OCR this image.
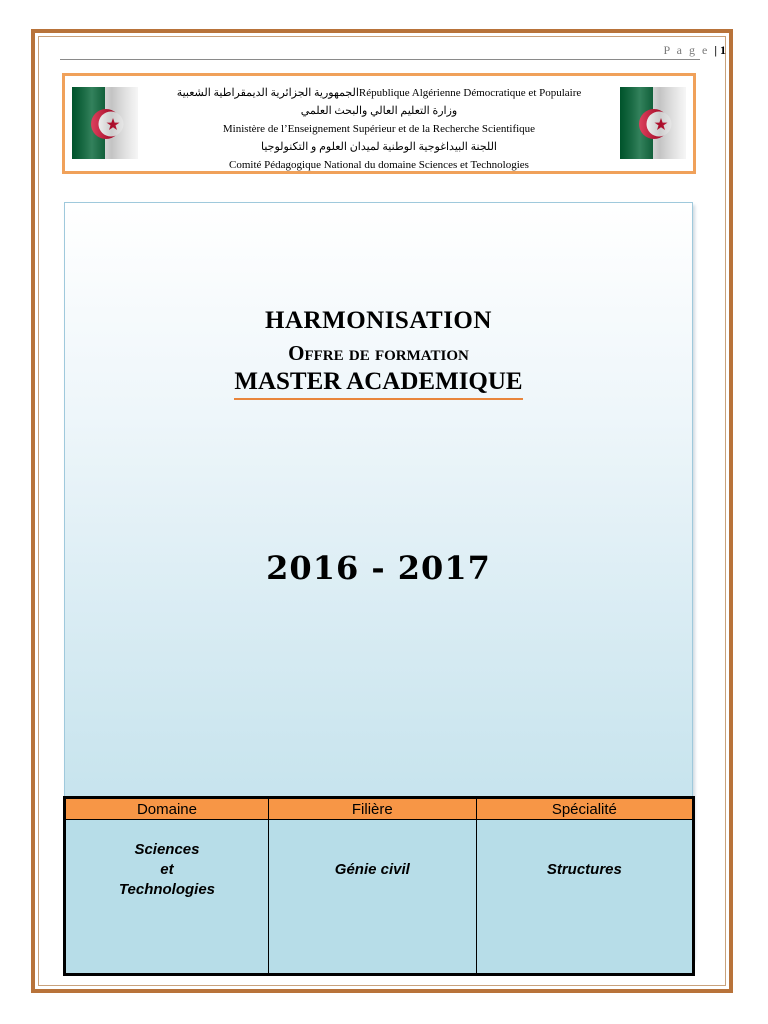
P a g e | 1
الجمهورية الجزائرية الديمقراطية الشعبيةRépublique Algérienne Démocratique et Populaire
وزارة التعليم العالي والبحث العلمي
Ministère de l’Enseignement Supérieur et de la Recherche Scientifique
اللجنة البيداغوجية الوطنية لميدان العلوم و التكنولوجيا
Comité Pédagogique National du domaine Sciences et Technologies
HARMONISATION
Offre de formation
MASTER ACADEMIQUE
2016 - 2017
Domaine	Filière	Spécialité

Sciences
et
Technologies	Génie civil	Structures
